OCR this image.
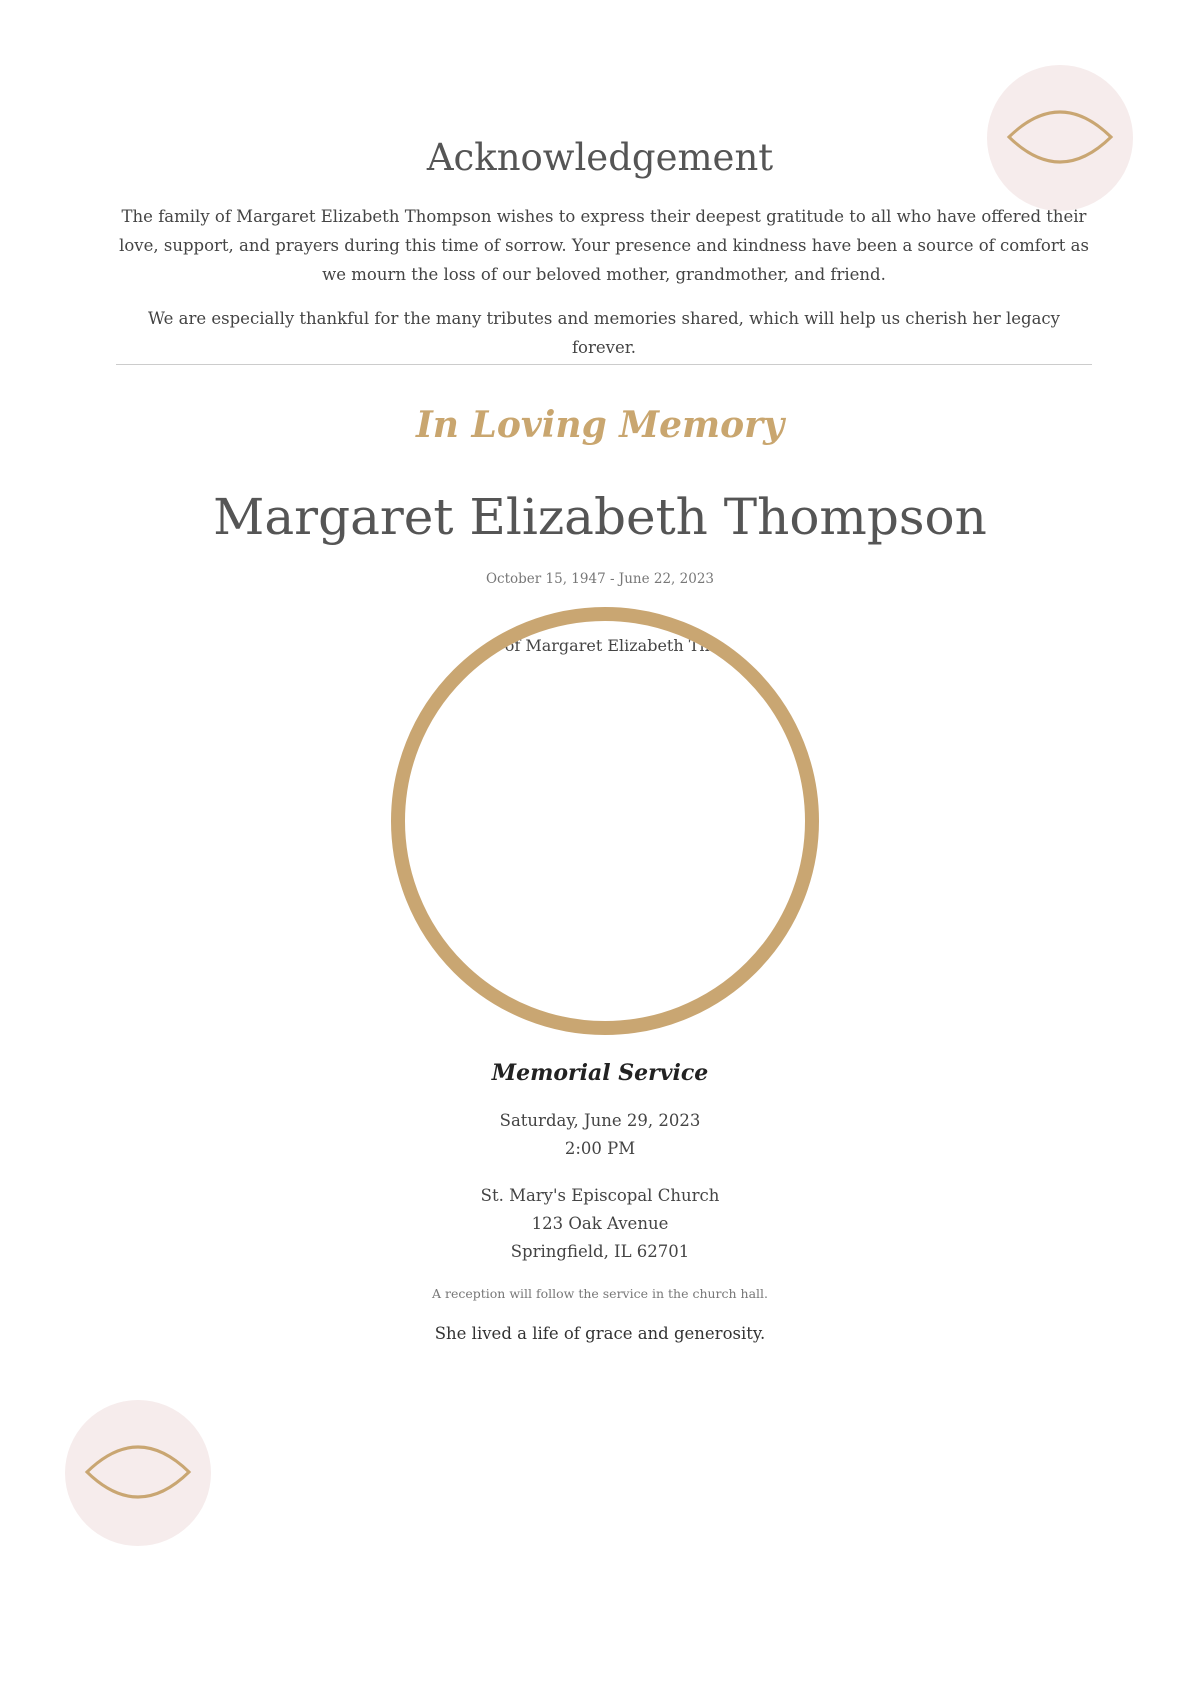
Acknowledgement
The family of Margaret Elizabeth Thompson wishes to express their deepest gratitude to all who have offered their love, support, and prayers during this time of sorrow. Your presence and kindness have been a source of comfort as we mourn the loss of our beloved mother, grandmother, and friend.
We are especially thankful for the many tributes and memories shared, which will help us cherish her legacy forever.
In Loving Memory
Margaret Elizabeth Thompson
October 15, 1947 - June 22, 2023
Portrait of Margaret Elizabeth Thompson
Memorial Service
Saturday, June 29, 2023
2:00 PM
St. Mary's Episcopal Church
123 Oak Avenue
Springfield, IL 62701
A reception will follow the service in the church hall.
She lived a life of grace and generosity.
